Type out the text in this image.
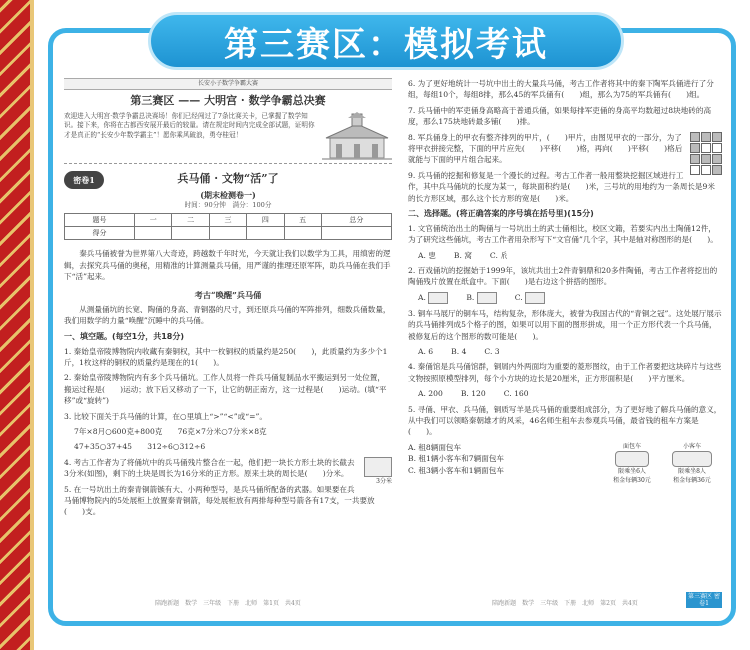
第三赛区：模拟考试
长安小子数学争霸大赛
第三赛区 —— 大明宫 · 数学争霸总决赛
欢迎进入大明宫·数学争霸总决赛场！你们已经闯过了7条比赛关卡，已掌握了数学知识。接下来，你将在古都西安展开最后的较量。请在规定时间内完成全部试题，证明你才是真正的“长安少年数学霸主”！愿你乘风破浪，勇夺桂冠！
密卷1	兵马俑 · 文物“活”了
(期末检测卷一)
时间：90分钟　满分：100分
题号	一	二	三	四	五	总分
得分						

秦兵马俑被誉为世界第八大奇迹，跨越数千年时光，今天就让我们以数学为工具，用缜密的逻辑，去探究兵马俑的奥秘，用精准的计算测量兵马俑，用严谨的推理还原军阵，助兵马俑在我们手下“活”起来。

考古“唤醒”兵马俑

从测量俑坑的长宽、陶俑的身高、青铜器的尺寸，到还原兵马俑的军阵排列，细数兵俑数量，我们用数学的力量“唤醒”沉睡中的兵马俑。

一、填空题。(每空1分，共18分)
1. 秦始皇帝陵博物院内收藏有秦铜权，其中一枚铜权的质量约是250(　　)，此质量约为多少个1斤，1枚这样的铜权的质量约是现在的1(　　)。
2. 秦始皇帝陵博物院内有多个兵马俑坑。工作人员将一件兵马俑复制品水平搬运到另一处位置，搬运过程是(　　)运动；放下后又移动了一下，让它的朝正南方，这一过程是(　　)运动。(填“平移”或“旋转”)
3. 比较下面关于兵马俑的计算，在○里填上“>”“<”或“=”。
7年×8月○600克+800克　　76克×7分米○7分米×8克
47+35○37+45　　312÷6○312÷6
3分米
4. 考古工作者为了将俑坑中的兵马俑残片整合在一起，他们把一块长方形土块的长截去3分米(如图)，剩下的土块是周长为16分米的正方形。原来土块的周长是(　　)分米。
5. 在一号坑出土的秦青铜箭镞有大、小两种型号，是兵马俑所配备的武器。如果要在兵马俑博物院内的5处展柜上放置秦青铜箭，每处展柜放有两排每种型号箭各有17支，一共要放(　　)支。
陪跑新题　数学　三年级　下册　北师　第1页　共4页
6. 为了更好地统计一号坑中出土的大量兵马俑，考古工作者将其中的秦下陶军兵俑进行了分组，每组10个，每组8排，那么45的军兵俑有(　　)组，那么为75的军兵俑有(　　)组。
7. 兵马俑中的军吏俑身高略高于普通兵俑，如果每排军吏俑的身高平均数超过8块地砖的高度，那么175块地砖最多铺(　　)排。
8. 军兵俑身上的甲衣有整齐排列的甲片，(　　)甲片，由图见甲衣的一部分，为了将甲衣拼接完整，下面的甲片应先(　　)平移(　　)格，再向(　　)平移(　　)格后就能与下面的甲片组合起来。
9. 兵马俑的挖掘和修复是一个漫长的过程。考古工作者一般用整块挖掘区域进行工作，其中兵马俑坑的长度为某一，每块面积约是(　　)米，三号坑的用地约为一条周长是9米的长方形区域，那么这个长方形的宽是(　　)米。
二、选择题。(将正确答案的序号填在括号里)(15分)
1. 文官俑统治出土的陶俑与一号坑出土的武士俑相比，校区文籍，若要实内出土陶俑12件，为了研究这些俑坑，考古工作者用杂形写下“文官俑”几个字，其中是轴对称图形的是(　　)。
A. 㐕 B. 窝 C. 𠂢
2. 百戏俑坑的挖掘始于1999年，该坑共出土2件青铜鼎和20多件陶俑，考古工作者将挖出的陶俑残片放置在纸盒中。下面(　　)是右边这个拼搭的图形。
A.	B.	C.
3. 铜车马展厅的铜车马，结构复杂，形体庞大，被誉为我国古代的“青铜之冠”。这处展厅展示的兵马俑排列成5个格子的图，如果可以用下面的图形拼成，用一个正方形代表一个兵马俑，被修复后的这个图形的数可能是(　　)。
A. 6 B. 4 C. 3
4. 秦俑馆是兵马俑馆群，铜屑内外两面均为重要的菱形图纹，由于工作者要把这块碎片与这些文物按照原模型排列，每个小方块的边长是20厘米，正方形面积是(　　)平方厘米。
A. 200 B. 120 C. 160
5. 寻俑、甲衣、兵马俑，铜质写羊是兵马俑的重要组成部分，为了更好地了解兵马俑的意义，从中我们可以领略秦朝雄才的风采，46名师生租车去参观兵马俑，最省钱的租车方案是(　　)。
A. 租8辆面包车
B. 租1辆小客车和7辆面包车
C. 租3辆小客车和1辆面包车
面包车
限乘坐6人
租金每辆30元
小客车
限乘坐8人
租金每辆36元
陪跑新题　数学　三年级　下册　北师　第2页　共4页
第三赛区 密卷1
